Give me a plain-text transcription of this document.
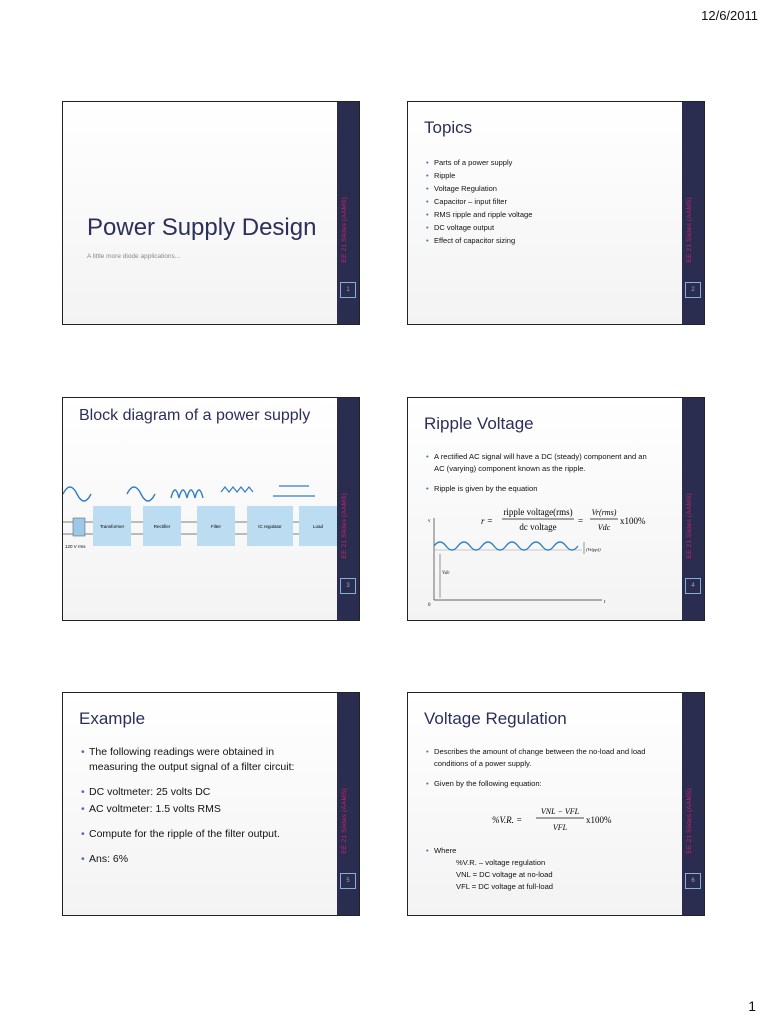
12/6/2011
Power Supply Design
A little more diode applications...	EE 21 Slides (AAMS)
1
Topics
• Parts of a power supply
• Ripple
• Voltage Regulation
• Capacitor – input filter
• RMS ripple and ripple voltage
• DC voltage output
• Effect of capacitor sizing	EE 21 Slides (AAMS)
2
Block diagram of a power supply
Transformer	Rectifier	Filter	IC regulator	Load
120 V rms	EE 21 Slides (AAMS)
3
Ripple Voltage
• A rectified AC signal will have a DC (steady) component and an AC (varying) component known as the ripple.
• Ripple is given by the equation
r =
ripple voltage(rms)
dc voltage
=
Vr(rms)
Vdc
x100%
v
Vdc
0
t
(Vr(pp))	EE 21 Slides (AAMS)
4
Example
• The following readings were obtained in measuring the output signal of a filter circuit:
• DC voltmeter: 25 volts DC
• AC voltmeter: 1.5 volts RMS
• Compute for the ripple of the filter output.
• Ans: 6%
EE 21 Slides (AAMS)
5
Voltage Regulation
• Describes the amount of change between the no-load and load conditions of a power supply.
• Given by the following equation:
%V.R. =
VNL − VFL
VFL
x100%
• Where
%V.R. – voltage regulation
VNL = DC voltage at no-load
VFL = DC voltage at full-load
EE 21 Slides (AAMS)
6
1
